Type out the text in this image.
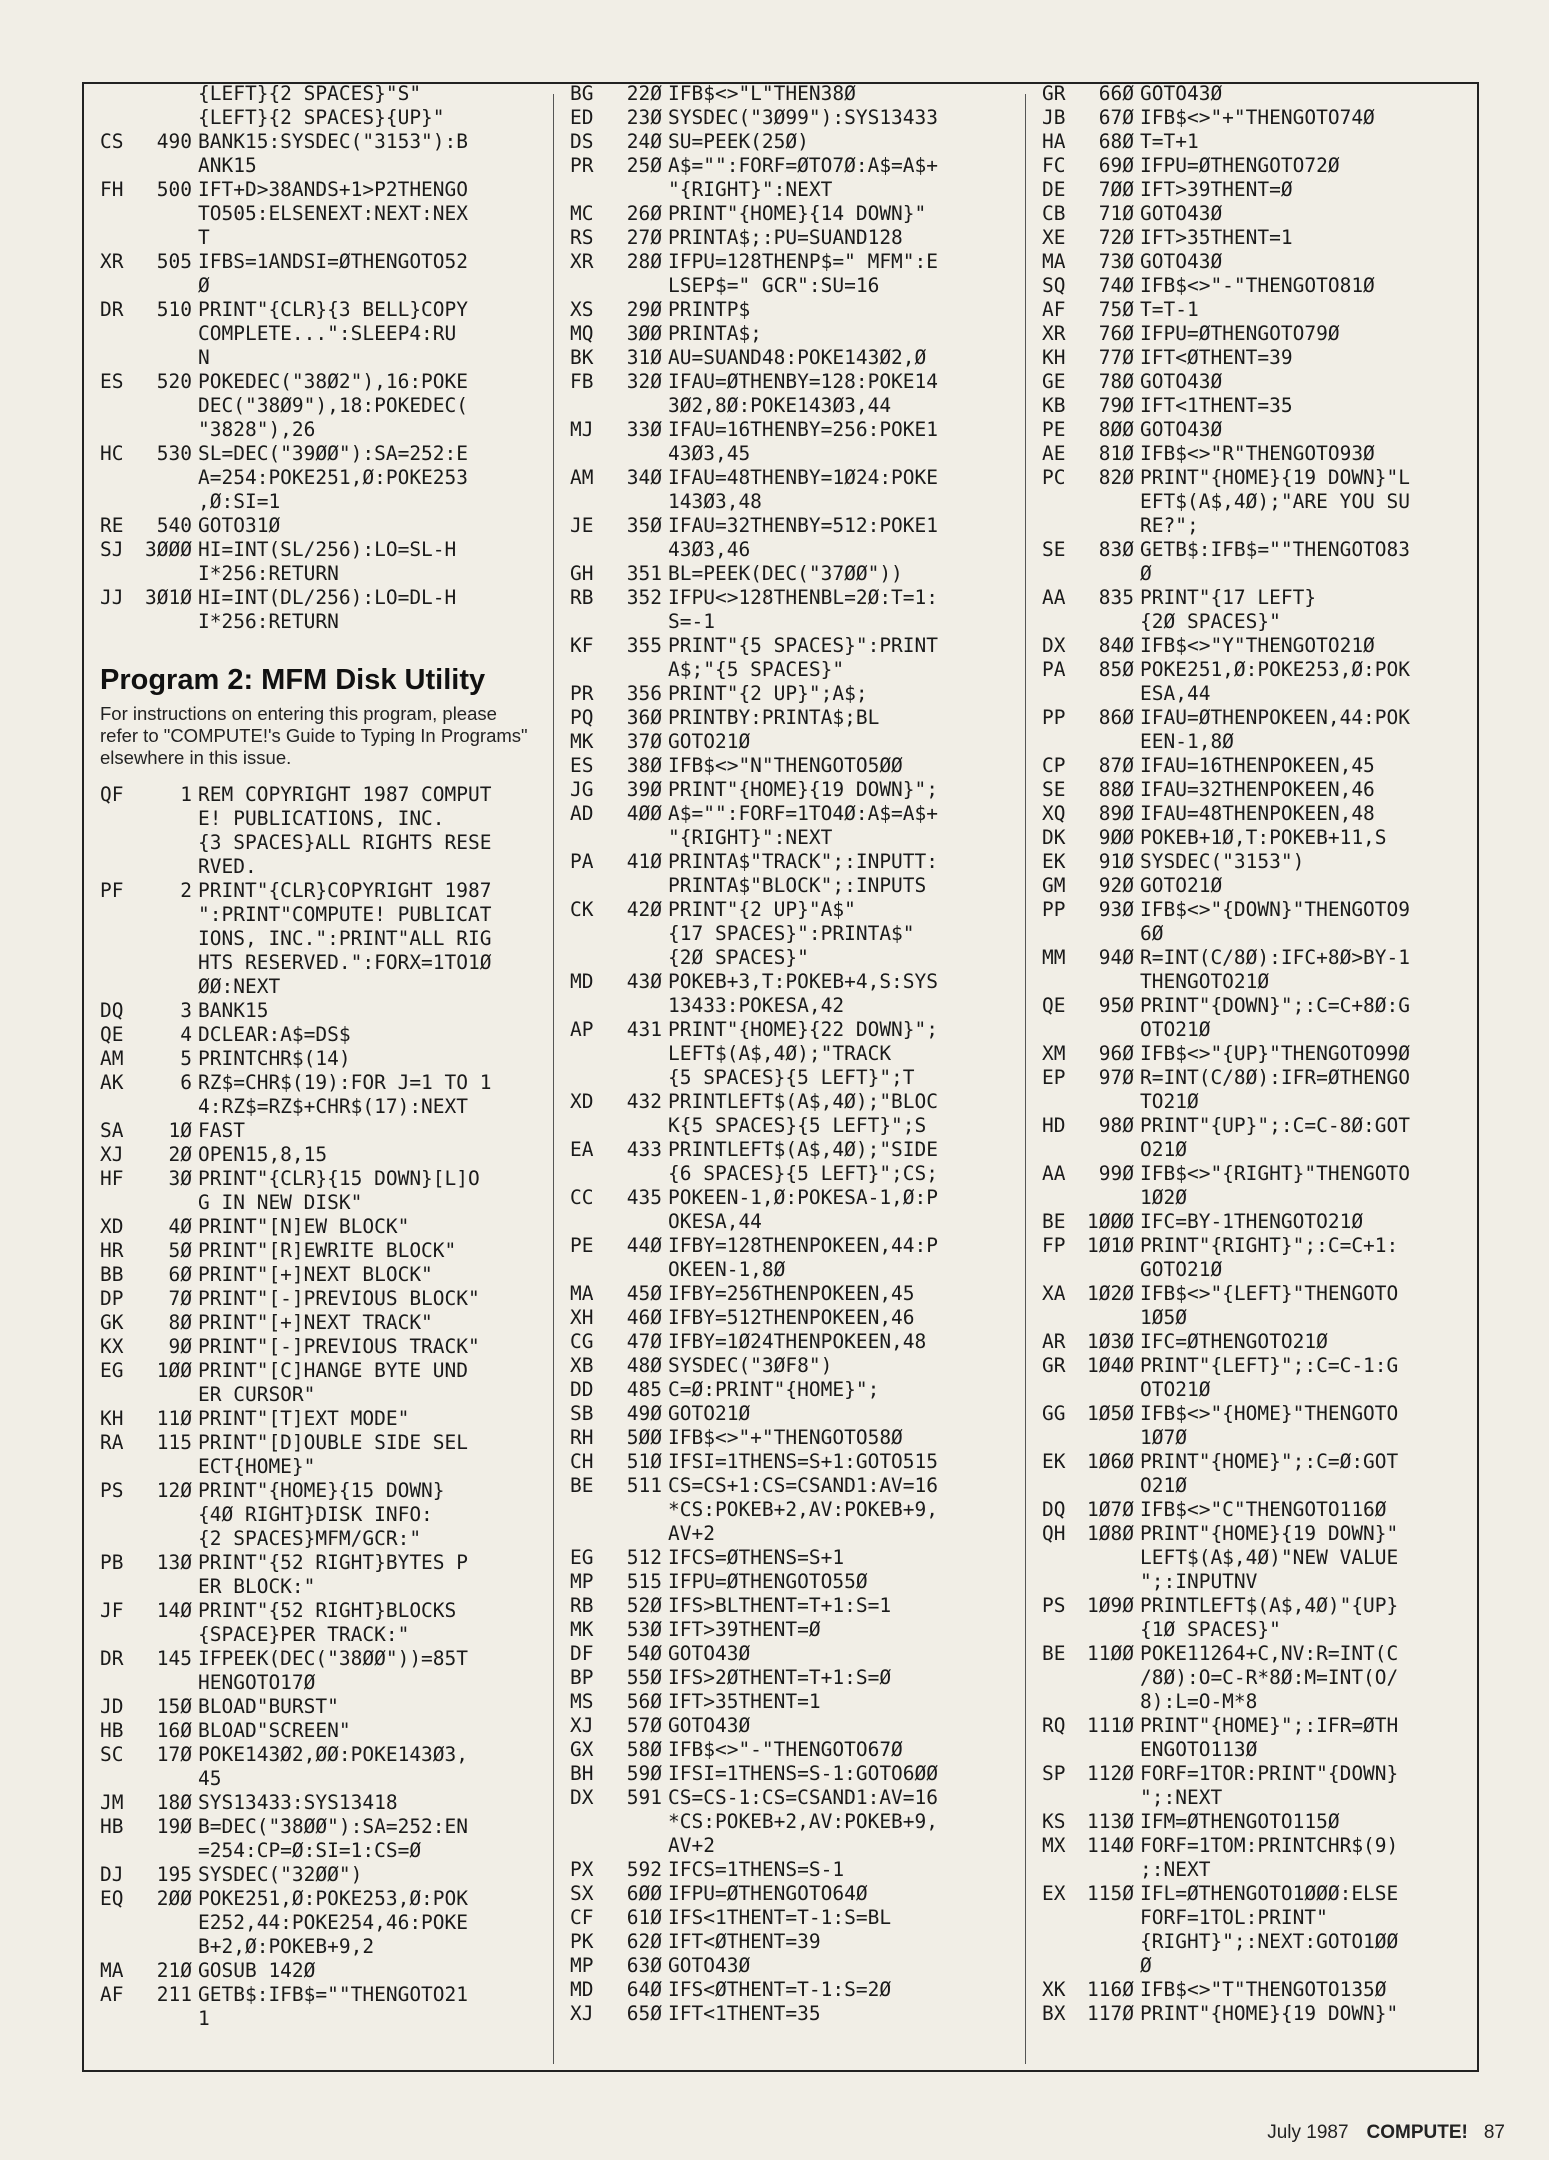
{LEFT}{2 SPACES}"S"
{LEFT}{2 SPACES}{UP}"
CS	490 BANK15:SYSDEC("3153"):B
ANK15
FH	500 IFT+D>38ANDS+1>P2THENGO
TO505:ELSENEXT:NEXT:NEX
T
XR	505 IFBS=1ANDSI=ØTHENGOTO52
Ø
DR	510 PRINT"{CLR}{3 BELL}COPY
COMPLETE...":SLEEP4:RU
N
ES	520 POKEDEC("38Ø2"),16:POKE
DEC("38Ø9"),18:POKEDEC(
"3828"),26
HC	530 SL=DEC("39ØØ"):SA=252:E
A=254:POKE251,Ø:POKE253
,Ø:SI=1
RE	540 GOTO31Ø
SJ	3ØØØ HI=INT(SL/256):LO=SL-H
I*256:RETURN
JJ	3Ø1Ø HI=INT(DL/256):LO=DL-H
I*256:RETURN
Program 2: MFM Disk Utility
For instructions on entering this program, please refer to "COMPUTE!'s Guide to Typing In Programs" elsewhere in this issue.
QF	1 REM COPYRIGHT 1987 COMPUT
E! PUBLICATIONS, INC.
{3 SPACES}ALL RIGHTS RESE
RVED.
PF	2 PRINT"{CLR}COPYRIGHT 1987
":PRINT"COMPUTE! PUBLICAT
IONS, INC.":PRINT"ALL RIG
HTS RESERVED.":FORX=1TO1Ø
ØØ:NEXT
DQ	3 BANK15
QE	4 DCLEAR:A$=DS$
AM	5 PRINTCHR$(14)
AK	6 RZ$=CHR$(19):FOR J=1 TO 1
4:RZ$=RZ$+CHR$(17):NEXT
SA	1Ø FAST
XJ	2Ø OPEN15,8,15
HF	3Ø PRINT"{CLR}{15 DOWN}[L]O
G IN NEW DISK"
XD	4Ø PRINT"[N]EW BLOCK"
HR	5Ø PRINT"[R]EWRITE BLOCK"
BB	6Ø PRINT"[+]NEXT BLOCK"
DP	7Ø PRINT"[-]PREVIOUS BLOCK"
GK	8Ø PRINT"[+]NEXT TRACK"
KX	9Ø PRINT"[-]PREVIOUS TRACK"
EG	1ØØ PRINT"[C]HANGE BYTE UND
ER CURSOR"
KH	11Ø PRINT"[T]EXT MODE"
RA	115 PRINT"[D]OUBLE SIDE SEL
ECT{HOME}"
PS	12Ø PRINT"{HOME}{15 DOWN}
{4Ø RIGHT}DISK INFO:
{2 SPACES}MFM/GCR:"
PB	13Ø PRINT"{52 RIGHT}BYTES P
ER BLOCK:"
JF	14Ø PRINT"{52 RIGHT}BLOCKS
{SPACE}PER TRACK:"
DR	145 IFPEEK(DEC("38ØØ"))=85T
HENGOTO17Ø
JD	15Ø BLOAD"BURST"
HB	16Ø BLOAD"SCREEN"
SC	17Ø POKE143Ø2,ØØ:POKE143Ø3,
45
JM	18Ø SYS13433:SYS13418
HB	19Ø B=DEC("38ØØ"):SA=252:EN
=254:CP=Ø:SI=1:CS=Ø
DJ	195 SYSDEC("32ØØ")
EQ	2ØØ POKE251,Ø:POKE253,Ø:POK
E252,44:POKE254,46:POKE
B+2,Ø:POKEB+9,2
MA	21Ø GOSUB 142Ø
AF	211 GETB$:IFB$=""THENGOTO21
1
BG	22Ø IFB$<>"L"THEN38Ø
ED	23Ø SYSDEC("3Ø99"):SYS13433
DS	24Ø SU=PEEK(25Ø)
PR	25Ø A$="":FORF=ØTO7Ø:A$=A$+
"{RIGHT}":NEXT
MC	26Ø PRINT"{HOME}{14 DOWN}"
RS	27Ø PRINTA$;:PU=SUAND128
XR	28Ø IFPU=128THENP$=" MFM":E
LSEP$=" GCR":SU=16
XS	29Ø PRINTP$
MQ	3ØØ PRINTA$;
BK	31Ø AU=SUAND48:POKE143Ø2,Ø
FB	32Ø IFAU=ØTHENBY=128:POKE14
3Ø2,8Ø:POKE143Ø3,44
MJ	33Ø IFAU=16THENBY=256:POKE1
43Ø3,45
AM	34Ø IFAU=48THENBY=1Ø24:POKE
143Ø3,48
JE	35Ø IFAU=32THENBY=512:POKE1
43Ø3,46
GH	351 BL=PEEK(DEC("37ØØ"))
RB	352 IFPU<>128THENBL=2Ø:T=1:
S=-1
KF	355 PRINT"{5 SPACES}":PRINT
A$;"{5 SPACES}"
PR	356 PRINT"{2 UP}";A$;
PQ	36Ø PRINTBY:PRINTA$;BL
MK	37Ø GOTO21Ø
ES	38Ø IFB$<>"N"THENGOTO5ØØ
JG	39Ø PRINT"{HOME}{19 DOWN}";
AD	4ØØ A$="":FORF=1TO4Ø:A$=A$+
"{RIGHT}":NEXT
PA	41Ø PRINTA$"TRACK";:INPUTT:
PRINTA$"BLOCK";:INPUTS
CK	42Ø PRINT"{2 UP}"A$"
{17 SPACES}":PRINTA$"
{2Ø SPACES}"
MD	43Ø POKEB+3,T:POKEB+4,S:SYS
13433:POKESA,42
AP	431 PRINT"{HOME}{22 DOWN}";
LEFT$(A$,4Ø);"TRACK
{5 SPACES}{5 LEFT}";T
XD	432 PRINTLEFT$(A$,4Ø);"BLOC
K{5 SPACES}{5 LEFT}";S
EA	433 PRINTLEFT$(A$,4Ø);"SIDE
{6 SPACES}{5 LEFT}";CS;
CC	435 POKEEN-1,Ø:POKESA-1,Ø:P
OKESA,44
PE	44Ø IFBY=128THENPOKEEN,44:P
OKEEN-1,8Ø
MA	45Ø IFBY=256THENPOKEEN,45
XH	46Ø IFBY=512THENPOKEEN,46
CG	47Ø IFBY=1Ø24THENPOKEEN,48
XB	48Ø SYSDEC("3ØF8")
DD	485 C=Ø:PRINT"{HOME}";
SB	49Ø GOTO21Ø
RH	5ØØ IFB$<>"+"THENGOTO58Ø
CH	51Ø IFSI=1THENS=S+1:GOTO515
BE	511 CS=CS+1:CS=CSAND1:AV=16
*CS:POKEB+2,AV:POKEB+9,
AV+2
EG	512 IFCS=ØTHENS=S+1
MP	515 IFPU=ØTHENGOTO55Ø
RB	52Ø IFS>BLTHENT=T+1:S=1
MK	53Ø IFT>39THENT=Ø
DF	54Ø GOTO43Ø
BP	55Ø IFS>2ØTHENT=T+1:S=Ø
MS	56Ø IFT>35THENT=1
XJ	57Ø GOTO43Ø
GX	58Ø IFB$<>"-"THENGOTO67Ø
BH	59Ø IFSI=1THENS=S-1:GOTO6ØØ
DX	591 CS=CS-1:CS=CSAND1:AV=16
*CS:POKEB+2,AV:POKEB+9,
AV+2
PX	592 IFCS=1THENS=S-1
SX	6ØØ IFPU=ØTHENGOTO64Ø
CF	61Ø IFS<1THENT=T-1:S=BL
PK	62Ø IFT<ØTHENT=39
MP	63Ø GOTO43Ø
MD	64Ø IFS<ØTHENT=T-1:S=2Ø
XJ	65Ø IFT<1THENT=35
GR	66Ø GOTO43Ø
JB	67Ø IFB$<>"+"THENGOTO74Ø
HA	68Ø T=T+1
FC	69Ø IFPU=ØTHENGOTO72Ø
DE	7ØØ IFT>39THENT=Ø
CB	71Ø GOTO43Ø
XE	72Ø IFT>35THENT=1
MA	73Ø GOTO43Ø
SQ	74Ø IFB$<>"-"THENGOTO81Ø
AF	75Ø T=T-1
XR	76Ø IFPU=ØTHENGOTO79Ø
KH	77Ø IFT<ØTHENT=39
GE	78Ø GOTO43Ø
KB	79Ø IFT<1THENT=35
PE	8ØØ GOTO43Ø
AE	81Ø IFB$<>"R"THENGOTO93Ø
PC	82Ø PRINT"{HOME}{19 DOWN}"L
EFT$(A$,4Ø);"ARE YOU SU
RE?";
SE	83Ø GETB$:IFB$=""THENGOTO83
Ø
AA	835 PRINT"{17 LEFT}
{2Ø SPACES}"
DX	84Ø IFB$<>"Y"THENGOTO21Ø
PA	85Ø POKE251,Ø:POKE253,Ø:POK
ESA,44
PP	86Ø IFAU=ØTHENPOKEEN,44:POK
EEN-1,8Ø
CP	87Ø IFAU=16THENPOKEEN,45
SE	88Ø IFAU=32THENPOKEEN,46
XQ	89Ø IFAU=48THENPOKEEN,48
DK	9ØØ POKEB+1Ø,T:POKEB+11,S
EK	91Ø SYSDEC("3153")
GM	92Ø GOTO21Ø
PP	93Ø IFB$<>"{DOWN}"THENGOTO9
6Ø
MM	94Ø R=INT(C/8Ø):IFC+8Ø>BY-1
THENGOTO21Ø
QE	95Ø PRINT"{DOWN}";:C=C+8Ø:G
OTO21Ø
XM	96Ø IFB$<>"{UP}"THENGOTO99Ø
EP	97Ø R=INT(C/8Ø):IFR=ØTHENGO
TO21Ø
HD	98Ø PRINT"{UP}";:C=C-8Ø:GOT
O21Ø
AA	99Ø IFB$<>"{RIGHT}"THENGOTO
1Ø2Ø
BE	1ØØØ IFC=BY-1THENGOTO21Ø
FP	1Ø1Ø PRINT"{RIGHT}";:C=C+1:
GOTO21Ø
XA	1Ø2Ø IFB$<>"{LEFT}"THENGOTO
1Ø5Ø
AR	1Ø3Ø IFC=ØTHENGOTO21Ø
GR	1Ø4Ø PRINT"{LEFT}";:C=C-1:G
OTO21Ø
GG	1Ø5Ø IFB$<>"{HOME}"THENGOTO
1Ø7Ø
EK	1Ø6Ø PRINT"{HOME}";:C=Ø:GOT
O21Ø
DQ	1Ø7Ø IFB$<>"C"THENGOTO116Ø
QH	1Ø8Ø PRINT"{HOME}{19 DOWN}"
LEFT$(A$,4Ø)"NEW VALUE
";:INPUTNV
PS	1Ø9Ø PRINTLEFT$(A$,4Ø)"{UP}
{1Ø SPACES}"
BE	11ØØ POKE11264+C,NV:R=INT(C
/8Ø):O=C-R*8Ø:M=INT(O/
8):L=O-M*8
RQ	111Ø PRINT"{HOME}";:IFR=ØTH
ENGOTO113Ø
SP	112Ø FORF=1TOR:PRINT"{DOWN}
";:NEXT
KS	113Ø IFM=ØTHENGOTO115Ø
MX	114Ø FORF=1TOM:PRINTCHR$(9)
;:NEXT
EX	115Ø IFL=ØTHENGOTO1ØØØ:ELSE
FORF=1TOL:PRINT"
{RIGHT}";:NEXT:GOTO1ØØ
Ø
XK	116Ø IFB$<>"T"THENGOTO135Ø
BX	117Ø PRINT"{HOME}{19 DOWN}"
July 1987 COMPUTE! 87
